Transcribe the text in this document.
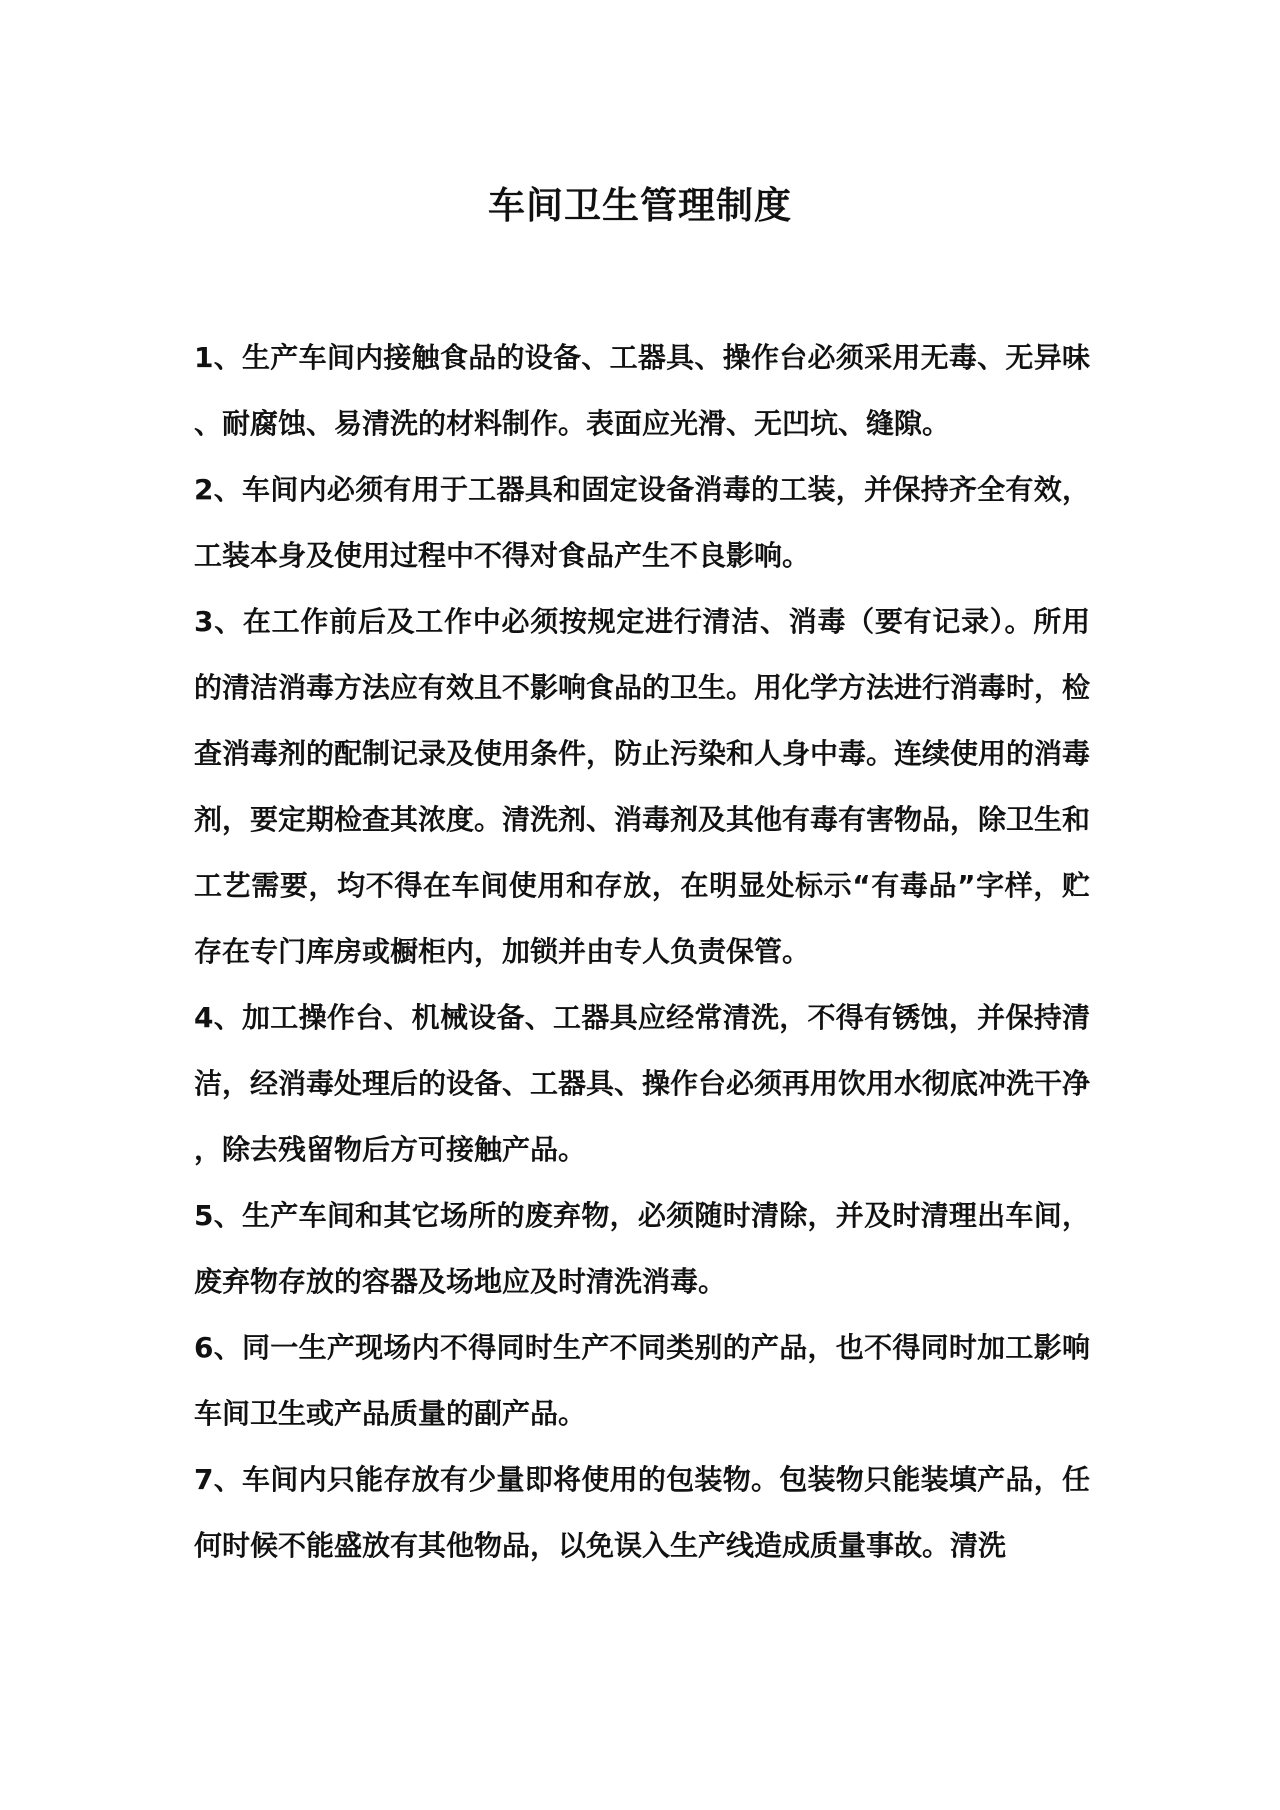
车间卫生管理制度

1、生产车间内接触食品的设备、工器具、操作台必须采用无毒、无异味、耐腐蚀、易清洗的材料制作。表面应光滑、无凹坑、缝隙。

2、车间内必须有用于工器具和固定设备消毒的工装，并保持齐全有效，工装本身及使用过程中不得对食品产生不良影响。

3、在工作前后及工作中必须按规定进行清洁、消毒（要有记录）。所用的清洁消毒方法应有效且不影响食品的卫生。用化学方法进行消毒时，检查消毒剂的配制记录及使用条件，防止污染和人身中毒。连续使用的消毒剂，要定期检查其浓度。清洗剂、消毒剂及其他有毒有害物品，除卫生和工艺需要，均不得在车间使用和存放，在明显处标示“有毒品”字样，贮存在专门库房或橱柜内，加锁并由专人负责保管。

4、加工操作台、机械设备、工器具应经常清洗，不得有锈蚀，并保持清洁，经消毒处理后的设备、工器具、操作台必须再用饮用水彻底冲洗干净，除去残留物后方可接触产品。

5、生产车间和其它场所的废弃物，必须随时清除，并及时清理出车间，废弃物存放的容器及场地应及时清洗消毒。

6、同一生产现场内不得同时生产不同类别的产品，也不得同时加工影响车间卫生或产品质量的副产品。

7、车间内只能存放有少量即将使用的包装物。包装物只能装填产品，任何时候不能盛放有其他物品，以免误入生产线造成质量事故。清洗
